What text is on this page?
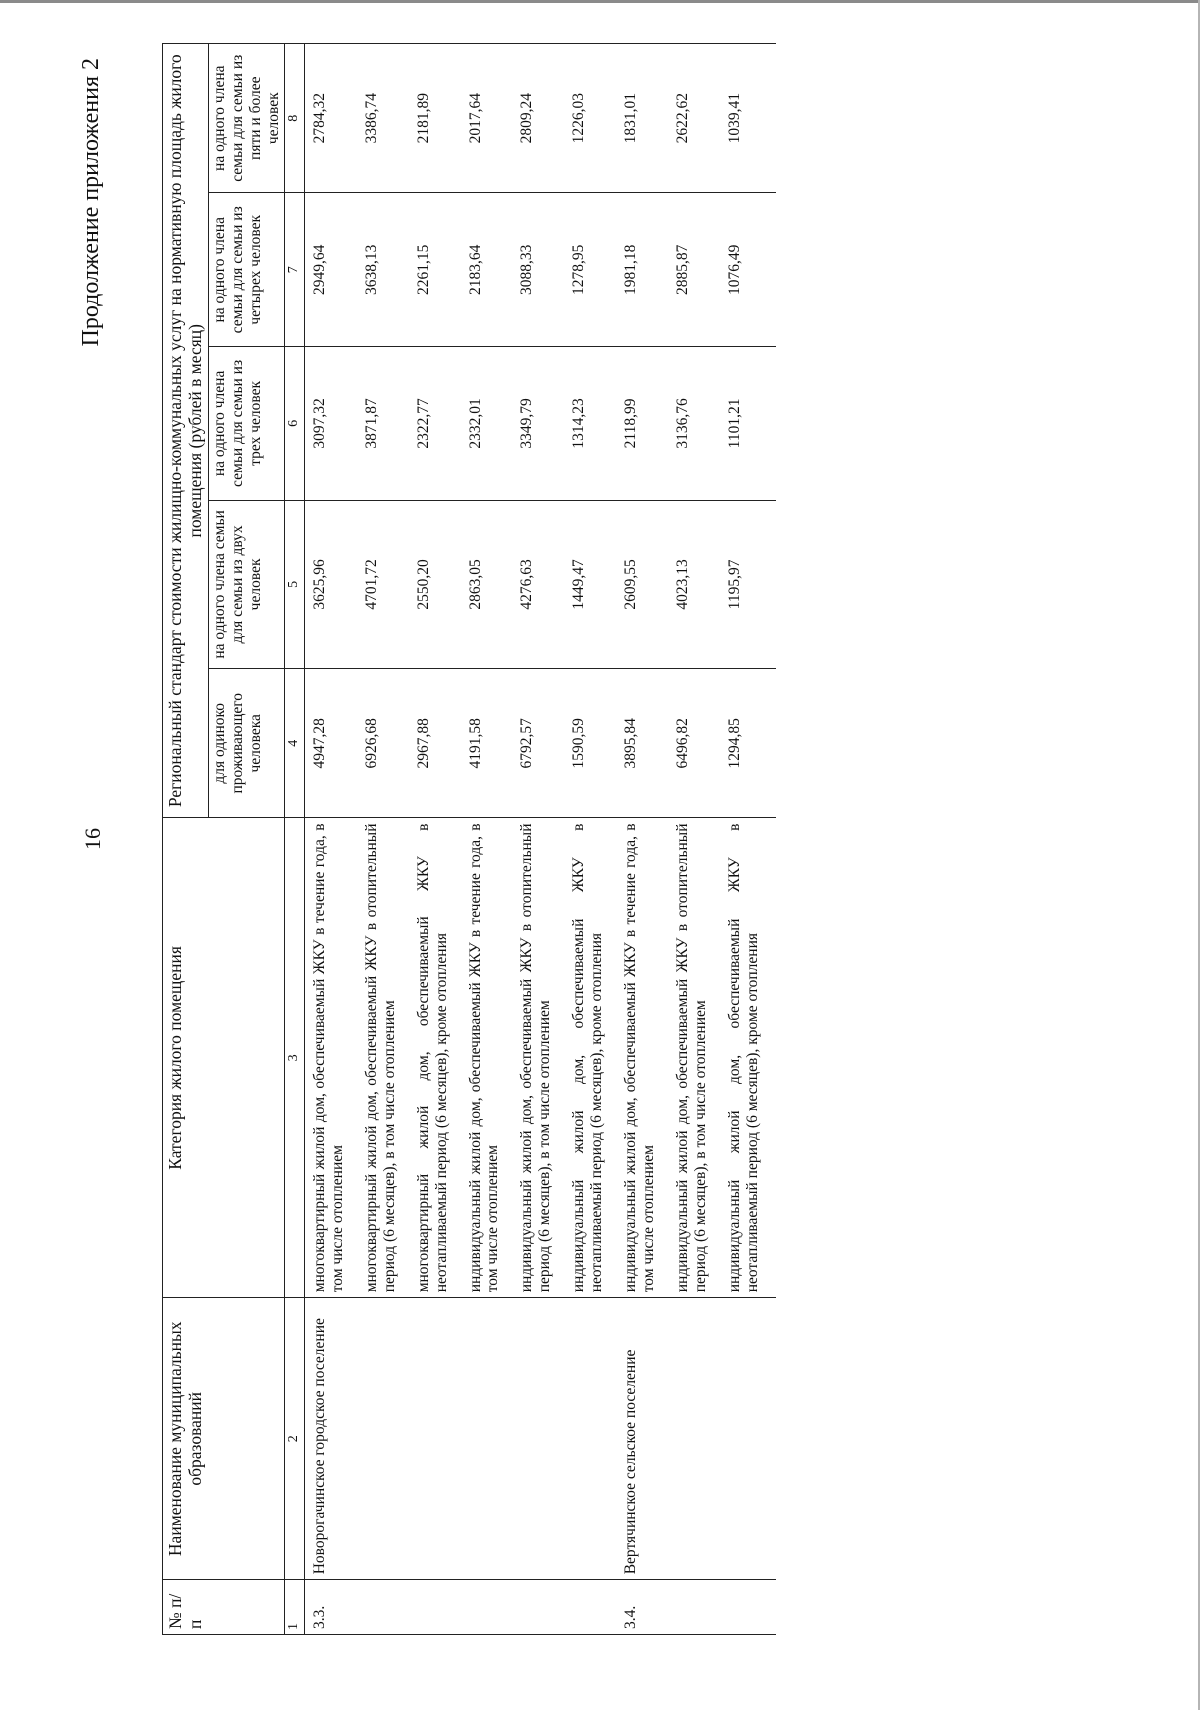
16
Продолжение приложения 2
№ п/п	Наименование муниципальных образований	Категория жилого помещения	Региональный стандарт стоимости жилищно-коммунальных услуг на нормативную площадь жилого помещения (рублей в месяц)				
			для одиноко проживающего человека	на одного члена семьи для семьи из двух человек	на одного члена семьи для семьи из трех человек	на одного члена семьи для семьи из четырех человек	на одного члена семьи для семьи из пяти и более человек
1	2	3	4	5	6	7	8
3.3.	Новорогачинское городское поселение	многоквартирный жилой дом, обеспечиваемый ЖКУ в течение года, в том числе отоплением	4947,28	3625,96	3097,32	2949,64	2784,32
		многоквартирный жилой дом, обеспечиваемый ЖКУ в отопительный период (6 месяцев), в том числе отоплением	6926,68	4701,72	3871,87	3638,13	3386,74
		многоквартирный жилой дом, обеспечиваемый ЖКУ в неотапливаемый период (6 месяцев), кроме отопления	2967,88	2550,20	2322,77	2261,15	2181,89
		индивидуальный жилой дом, обеспечиваемый ЖКУ в течение года, в том числе отоплением	4191,58	2863,05	2332,01	2183,64	2017,64
		индивидуальный жилой дом, обеспечиваемый ЖКУ в отопительный период (6 месяцев), в том числе отоплением	6792,57	4276,63	3349,79	3088,33	2809,24
		индивидуальный жилой дом, обеспечиваемый ЖКУ в неотапливаемый период (6 месяцев), кроме отопления	1590,59	1449,47	1314,23	1278,95	1226,03
3.4.	Вертячинское сельское поселение	индивидуальный жилой дом, обеспечиваемый ЖКУ в течение года, в том числе отоплением	3895,84	2609,55	2118,99	1981,18	1831,01
		индивидуальный жилой дом, обеспечиваемый ЖКУ в отопительный период (6 месяцев), в том числе отоплением	6496,82	4023,13	3136,76	2885,87	2622,62
		индивидуальный жилой дом, обеспечиваемый ЖКУ в неотапливаемый период (6 месяцев), кроме отопления	1294,85	1195,97	1101,21	1076,49	1039,41
